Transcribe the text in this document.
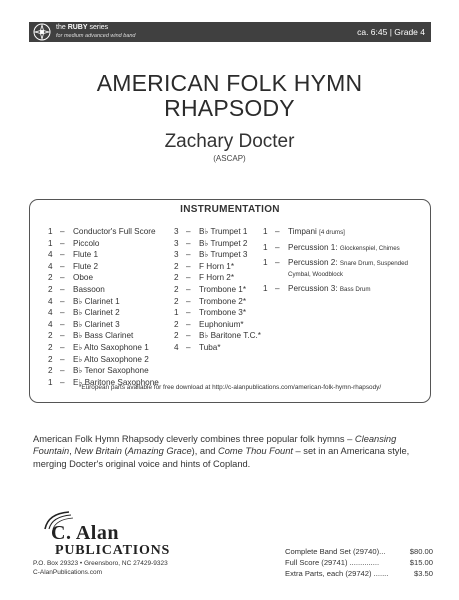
the RUBY series
for medium advanced wind band	ca. 6:45 | Grade 4
AMERICAN FOLK HYMN
RHAPSODY
Zachary Docter
(ASCAP)
INSTRUMENTATION
1 – Conductor's Full Score
1 – Piccolo
4 – Flute 1
4 – Flute 2
2 – Oboe
2 – Bassoon
4 – B♭ Clarinet 1
4 – B♭ Clarinet 2
4 – B♭ Clarinet 3
2 – B♭ Bass Clarinet
2 – E♭ Alto Saxophone 1
2 – E♭ Alto Saxophone 2
2 – B♭ Tenor Saxophone
1 – E♭ Baritone Saxophone
3 – B♭ Trumpet 1
3 – B♭ Trumpet 2
3 – B♭ Trumpet 3
2 – F Horn 1*
2 – F Horn 2*
2 – Trombone 1*
2 – Trombone 2*
1 – Trombone 3*
2 – Euphonium*
2 – B♭ Baritone T.C.*
4 – Tuba*
1 – Timpani [4 drums]
1 – Percussion 1: Glockenspiel, Chimes
1 – Percussion 2: Snare Drum, Suspended
Cymbal, Woodblock
1 – Percussion 3: Bass Drum
*European parts available for free download at http://c-alanpublications.com/american-folk-hymn-rhapsody/
American Folk Hymn Rhapsody cleverly combines three popular folk hymns – Cleansing Fountain, New Britain (Amazing Grace), and Come Thou Fount – set in an Americana style, merging Docter's original voice and hints of Copland.
C. Alan
PUBLICATIONS
P.O. Box 29323 • Greensboro, NC 27429-9323
C-AlanPublications.com
Complete Band Set (29740)...	$80.00
Full Score (29741) ..............	$15.00
Extra Parts, each (29742) .......	$3.50
